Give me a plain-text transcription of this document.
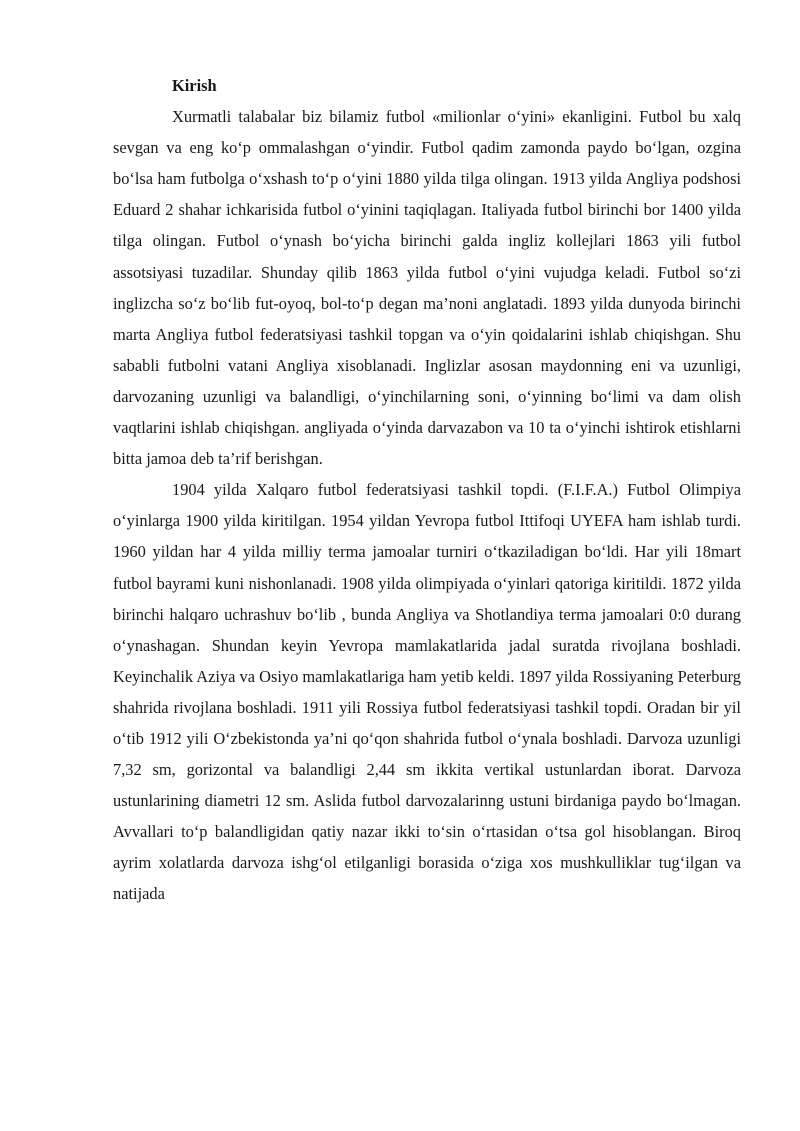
Kirish

Xurmatli talabalar biz bilamiz futbol «milionlar o‘yini» ekanligini. Futbol bu xalq sevgan va eng ko‘p ommalashgan o‘yindir. Futbol qadim zamonda paydo bo‘lgan, ozgina bo‘lsa ham futbolga o‘xshash to‘p o‘yini 1880 yilda tilga olingan. 1913 yilda Angliya podshosi Eduard 2 shahar ichkarisida futbol o‘yinini taqiqlagan. Italiyada futbol birinchi bor 1400 yilda tilga olingan. Futbol o‘ynash bo‘yicha birinchi galda ingliz kollejlari 1863 yili futbol assotsiyasi tuzadilar. Shunday qilib 1863 yilda futbol o‘yini vujudga keladi. Futbol so‘zi inglizcha so‘z bo‘lib fut-oyoq, bol-to‘p degan ma’noni anglatadi. 1893 yilda dunyoda birinchi marta Angliya futbol federatsiyasi tashkil topgan va o‘yin qoidalarini ishlab chiqishgan. Shu sababli futbolni vatani Angliya xisoblanadi. Inglizlar asosan maydonning eni va uzunligi, darvozaning uzunligi va balandligi, o‘yinchilarning soni, o‘yinning bo‘limi va dam olish vaqtlarini ishlab chiqishgan. angliyada o‘yinda darvazabon va 10 ta o‘yinchi ishtirok etishlarni bitta jamoa deb ta’rif berishgan.

1904 yilda Xalqaro futbol federatsiyasi tashkil topdi. (F.I.F.A.) Futbol Olimpiya o‘yinlarga 1900 yilda kiritilgan. 1954 yildan Yevropa futbol Ittifoqi UYEFA ham ishlab turdi. 1960 yildan har 4 yilda milliy terma jamoalar turniri o‘tkaziladigan bo‘ldi. Har yili 18mart futbol bayrami kuni nishonlanadi. 1908 yilda olimpiyada o‘yinlari qatoriga kiritildi. 1872 yilda birinchi halqaro uchrashuv bo‘lib , bunda Angliya va Shotlandiya terma jamoalari 0:0 durang o‘ynashagan. Shundan keyin Yevropa mamlakatlarida jadal suratda rivojlana boshladi. Keyinchalik Aziya va Osiyo mamlakatlariga ham yetib keldi. 1897 yilda Rossiyaning Peterburg shahrida rivojlana boshladi. 1911 yili Rossiya futbol federatsiyasi tashkil topdi. Oradan bir yil o‘tib 1912 yili O‘zbekistonda ya’ni qo‘qon shahrida futbol o‘ynala boshladi. Darvoza uzunligi 7,32 sm, gorizontal va balandligi 2,44 sm ikkita vertikal ustunlardan iborat. Darvoza ustunlarining diametri 12 sm. Aslida futbol darvozalarinng ustuni birdaniga paydo bo‘lmagan. Avvallari to‘p balandligidan qatiy nazar ikki to‘sin o‘rtasidan o‘tsa gol hisoblangan. Biroq ayrim xolatlarda darvoza ishg‘ol etilganligi borasida o‘ziga xos mushkulliklar tug‘ilgan va natijada
